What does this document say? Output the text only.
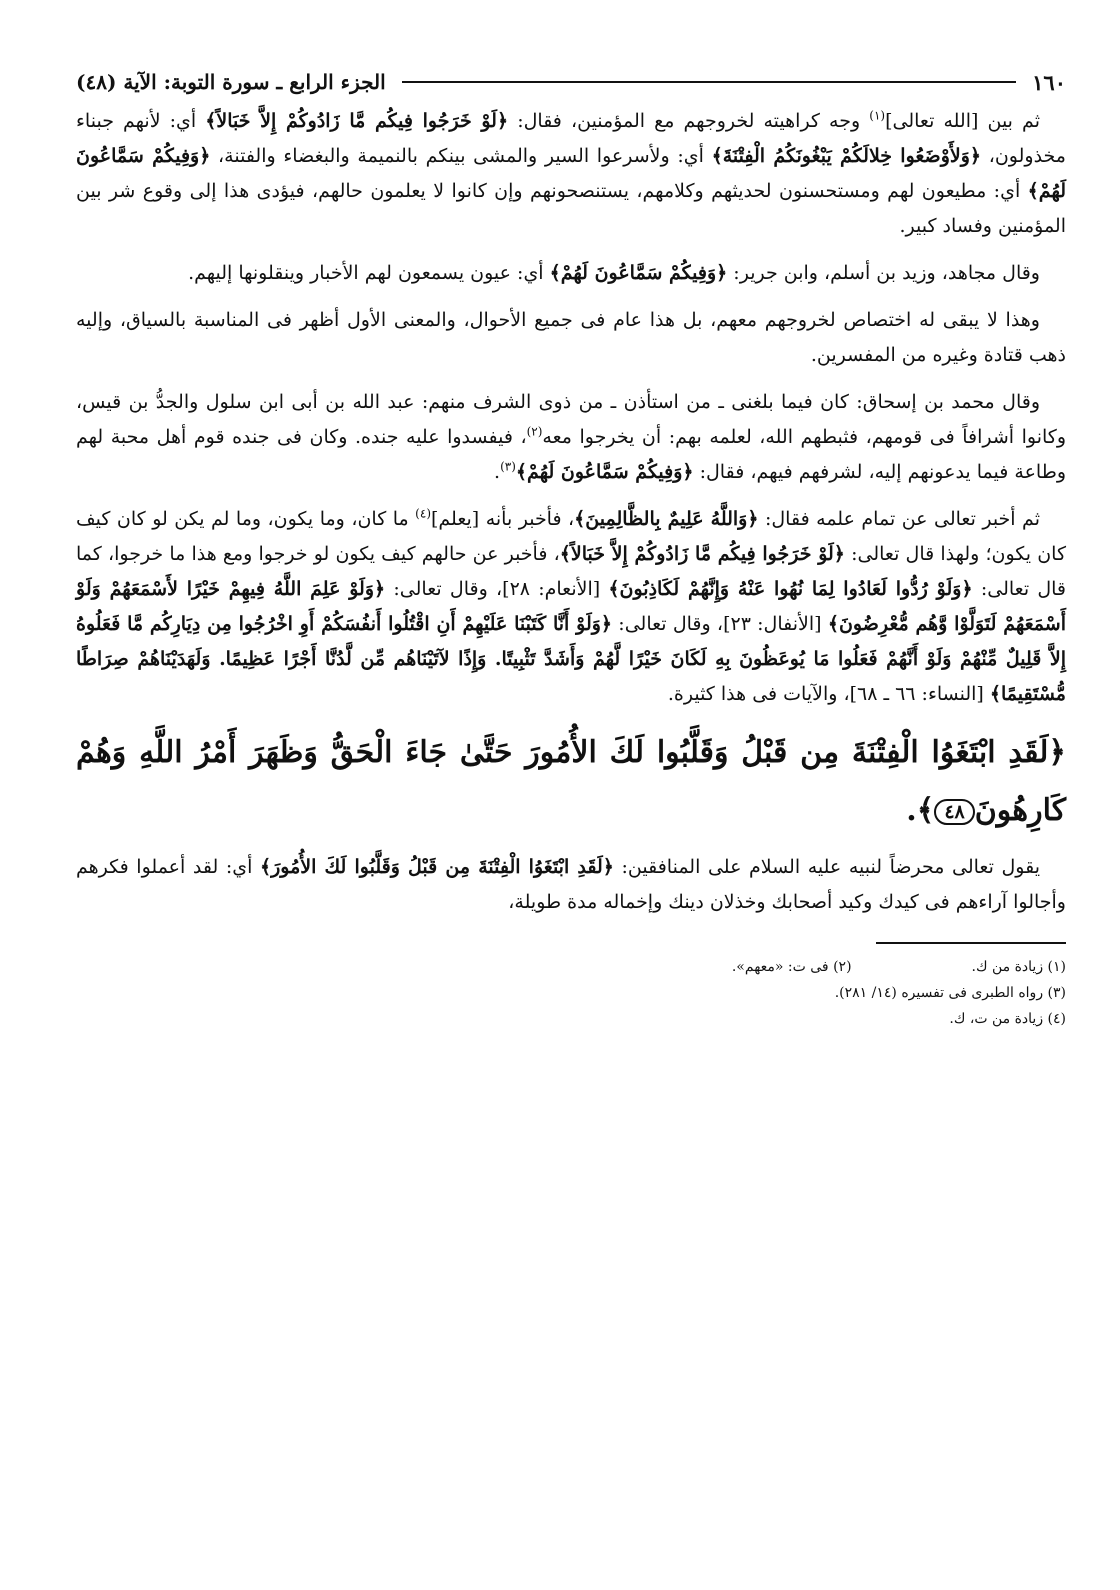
١٦٠
الجزء الرابع ـ سورة التوبة: الآية (٤٨)

ثم بين [الله تعالى]$^{(١)}$ وجه كراهيته لخروجهم مع المؤمنين، فقال: ﴿لَوْ خَرَجُوا فِيكُم مَّا زَادُوكُمْ إِلاَّ خَبَالاً﴾ أي: لأنهم جبناء مخذولون، ﴿وَلأَوْضَعُوا خِلالَكُمْ يَبْغُونَكُمُ الْفِتْنَةَ﴾ أي: ولأسرعوا السير والمشى بينكم بالنميمة والبغضاء والفتنة، ﴿وَفِيكُمْ سَمَّاعُونَ لَهُمْ﴾ أي: مطيعون لهم ومستحسنون لحديثهم وكلامهم، يستنصحونهم وإن كانوا لا يعلمون حالهم، فيؤدى هذا إلى وقوع شر بين المؤمنين وفساد كبير.

وقال مجاهد، وزيد بن أسلم، وابن جرير: ﴿وَفِيكُمْ سَمَّاعُونَ لَهُمْ﴾ أي: عيون يسمعون لهم الأخبار وينقلونها إليهم.

وهذا لا يبقى له اختصاص لخروجهم معهم، بل هذا عام فى جميع الأحوال، والمعنى الأول أظهر فى المناسبة بالسياق، وإليه ذهب قتادة وغيره من المفسرين.

وقال محمد بن إسحاق: كان فيما بلغنى ـ من استأذن ـ من ذوى الشرف منهم: عبد الله بن أبى ابن سلول والجدُّ بن قيس، وكانوا أشرافاً فى قومهم، فثبطهم الله، لعلمه بهم: أن يخرجوا معه$^{(٢)}$، فيفسدوا عليه جنده. وكان فى جنده قوم أهل محبة لهم وطاعة فيما يدعونهم إليه، لشرفهم فيهم، فقال: ﴿وَفِيكُمْ سَمَّاعُونَ لَهُمْ﴾$^{(٣)}$.

ثم أخبر تعالى عن تمام علمه فقال: ﴿وَاللَّهُ عَلِيمٌ بِالظَّالِمِينَ﴾، فأخبر بأنه [يعلم]$^{(٤)}$ ما كان، وما يكون، وما لم يكن لو كان كيف كان يكون؛ ولهذا قال تعالى: ﴿لَوْ خَرَجُوا فِيكُم مَّا زَادُوكُمْ إِلاَّ خَبَالاً﴾، فأخبر عن حالهم كيف يكون لو خرجوا ومع هذا ما خرجوا، كما قال تعالى: ﴿وَلَوْ رُدُّوا لَعَادُوا لِمَا نُهُوا عَنْهُ وَإِنَّهُمْ لَكَاذِبُونَ﴾ [الأنعام: ٢٨]، وقال تعالى: ﴿وَلَوْ عَلِمَ اللَّهُ فِيهِمْ خَيْرًا لأَسْمَعَهُمْ وَلَوْ أَسْمَعَهُمْ لَتَوَلَّوْا وَّهُم مُّعْرِضُونَ﴾ [الأنفال: ٢٣]، وقال تعالى: ﴿وَلَوْ أَنَّا كَتَبْنَا عَلَيْهِمْ أَنِ اقْتُلُوا أَنفُسَكُمْ أَوِ اخْرُجُوا مِن دِيَارِكُم مَّا فَعَلُوهُ إِلاَّ قَلِيلٌ مِّنْهُمْ وَلَوْ أَنَّهُمْ فَعَلُوا مَا يُوعَظُونَ بِهِ لَكَانَ خَيْرًا لَّهُمْ وَأَشَدَّ تَثْبِيتًا. وَإِذًا لآتَيْنَاهُم مِّن لَّدُنَّا أَجْرًا عَظِيمًا. وَلَهَدَيْنَاهُمْ صِرَاطًا مُّسْتَقِيمًا﴾ [النساء: ٦٦ ـ ٦٨]، والآيات فى هذا كثيرة.

﴿لَقَدِ ابْتَغَوُا الْفِتْنَةَ مِن قَبْلُ وَقَلَّبُوا لَكَ الأُمُورَ حَتَّىٰ جَاءَ الْحَقُّ وَظَهَرَ أَمْرُ اللَّهِ وَهُمْ كَارِهُونَ٤٨﴾.

يقول تعالى محرضاً لنبيه عليه السلام على المنافقين: ﴿لَقَدِ ابْتَغَوُا الْفِتْنَةَ مِن قَبْلُ وَقَلَّبُوا لَكَ الأُمُورَ﴾ أي: لقد أعملوا فكرهم وأجالوا آراءهم فى كيدك وكيد أصحابك وخذلان دينك وإخماله مدة طويلة،

(١) زيادة من ك.
(٢) فى ت: «معهم».
(٣) رواه الطبرى فى تفسيره (١٤/ ٢٨١).
(٤) زيادة من ت، ك.
